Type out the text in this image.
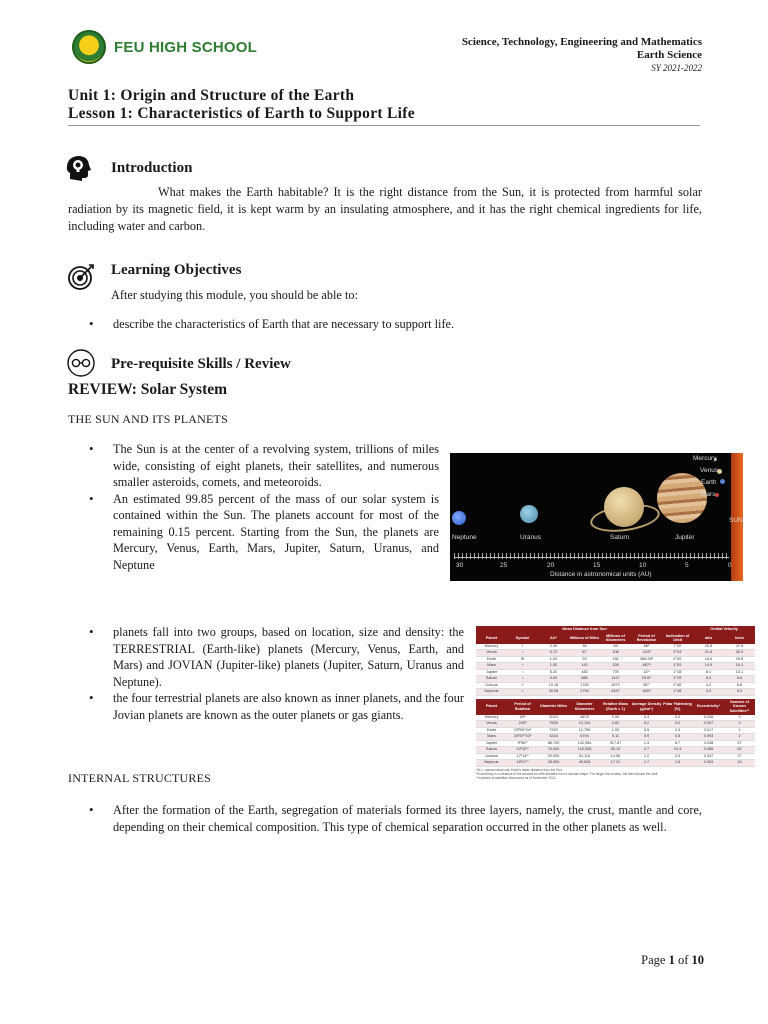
FEU HIGH SCHOOL	Science, Technology, Engineering and Mathematics
Earth Science
SY 2021-2022
Unit 1: Origin and Structure of the Earth
Lesson 1: Characteristics of Earth to Support Life
Introduction

What makes the Earth habitable? It is the right distance from the Sun, it is protected from harmful solar radiation by its magnetic field, it is kept warm by an insulating atmosphere, and it has the right chemical ingredients for life, including water and carbon.

Learning Objectives

After studying this module, you should be able to:

• describe the characteristics of Earth that are necessary to support life.
Pre-requisite Skills / Review
REVIEW: Solar System
THE SUN AND ITS PLANETS
• The Sun is at the center of a revolving system, trillions of miles wide, consisting of eight planets, their satellites, and numerous smaller asteroids, comets, and meteoroids.
• An estimated 99.85 percent of the mass of our solar system is contained within the Sun. The planets account for most of the remaining 0.15 percent. Starting from the Sun, the planets are Mercury, Venus, Earth, Mars, Jupiter, Saturn, Uranus, and Neptune
Mercury
Venus
Earth
Mars
SUN
Neptune	Uranus	Saturn	Jupiter
30	25	20	15	10	5	0
Distance in astronomical units (AU)
• planets fall into two groups, based on location, size and density: the TERRESTRIAL (Earth-like) planets (Mercury, Venus, Earth, and Mars) and JOVIAN (Jupiter-like) planets (Jupiter, Saturn, Uranus and Neptune).
• the four terrestrial planets are also known as inner planets, and the four Jovian planets are known as the outer planets or gas giants.
		Mean Distance from Sun					Orbital Velocity	
Planet	Symbol	AU*	Millions of Miles	Millions of Kilometers	Period of Revolution	Inclination of Orbit	mi/s	km/s
Mercury	☿	0.39	36	58	88ᵈ	7°00'	29.8	47.9
Venus	♀	0.72	67	108	224ᵈ	3°24'	21.8	35.0
Earth	⊕	1.00	93	150	365.25ᵈ	0°00'	18.5	29.8
Mars	♂	1.52	142	228	687ᵈ	1°51'	14.9	24.1
Jupiter	♃	5.20	483	778	12ʸʳ	1°18'	8.1	13.1
Saturn	♄	9.54	886	1427	29.5ʸʳ	2°29'	6.0	9.6
Uranus	♅	19.18	1783	2870	84ʸʳ	0°46'	4.2	6.8
Neptune	♆	30.06	2794	4497	165ʸʳ	1°46'	3.3	5.3
Planet	Period of Rotation	Diameter Miles	Diameter Kilometers	Relative Mass (Earth = 1)	Average Density (g/cm³)	Polar Flattening (%)	Eccentricity*	Number of Known Satellites**
Mercury	59ᵈ	3015	4878	0.06	5.4	0.0	0.206	0
Venus	243ᵈ	7526	12,104	0.82	5.2	0.0	0.007	0
Earth	23ʰ56ᵐ04ˢ	7920	12,756	1.00	5.5	0.3	0.017	1
Mars	24ʰ37ᵐ23ˢ	4216	6794	0.11	3.9	0.5	0.093	2
Jupiter	9ʰ56ᵐ	88,700	142,984	317.87	1.3	6.7	0.048	67
Saturn	10ʰ30ᵐ	75,000	120,536	95.14	0.7	10.4	0.056	62
Uranus	17ʰ14ᵐ	29,000	51,118	14.56	1.2	2.3	0.047	27
Neptune	16ʰ07ᵐ	28,900	49,528	17.21	1.7	1.8	0.009	13
*AU = astronomical unit, Earth's mean distance from the Sun.
*Eccentricity is a measure of the amount an orbit deviates from a circular shape. The larger the number, the less circular the orbit.
**Includes all satellites discovered as of November 2013.
INTERNAL STRUCTURES
• After the formation of the Earth, segregation of materials formed its three layers, namely, the crust, mantle and core, depending on their chemical composition. This type of chemical separation occurred in the other planets as well.
Page 1 of 10
